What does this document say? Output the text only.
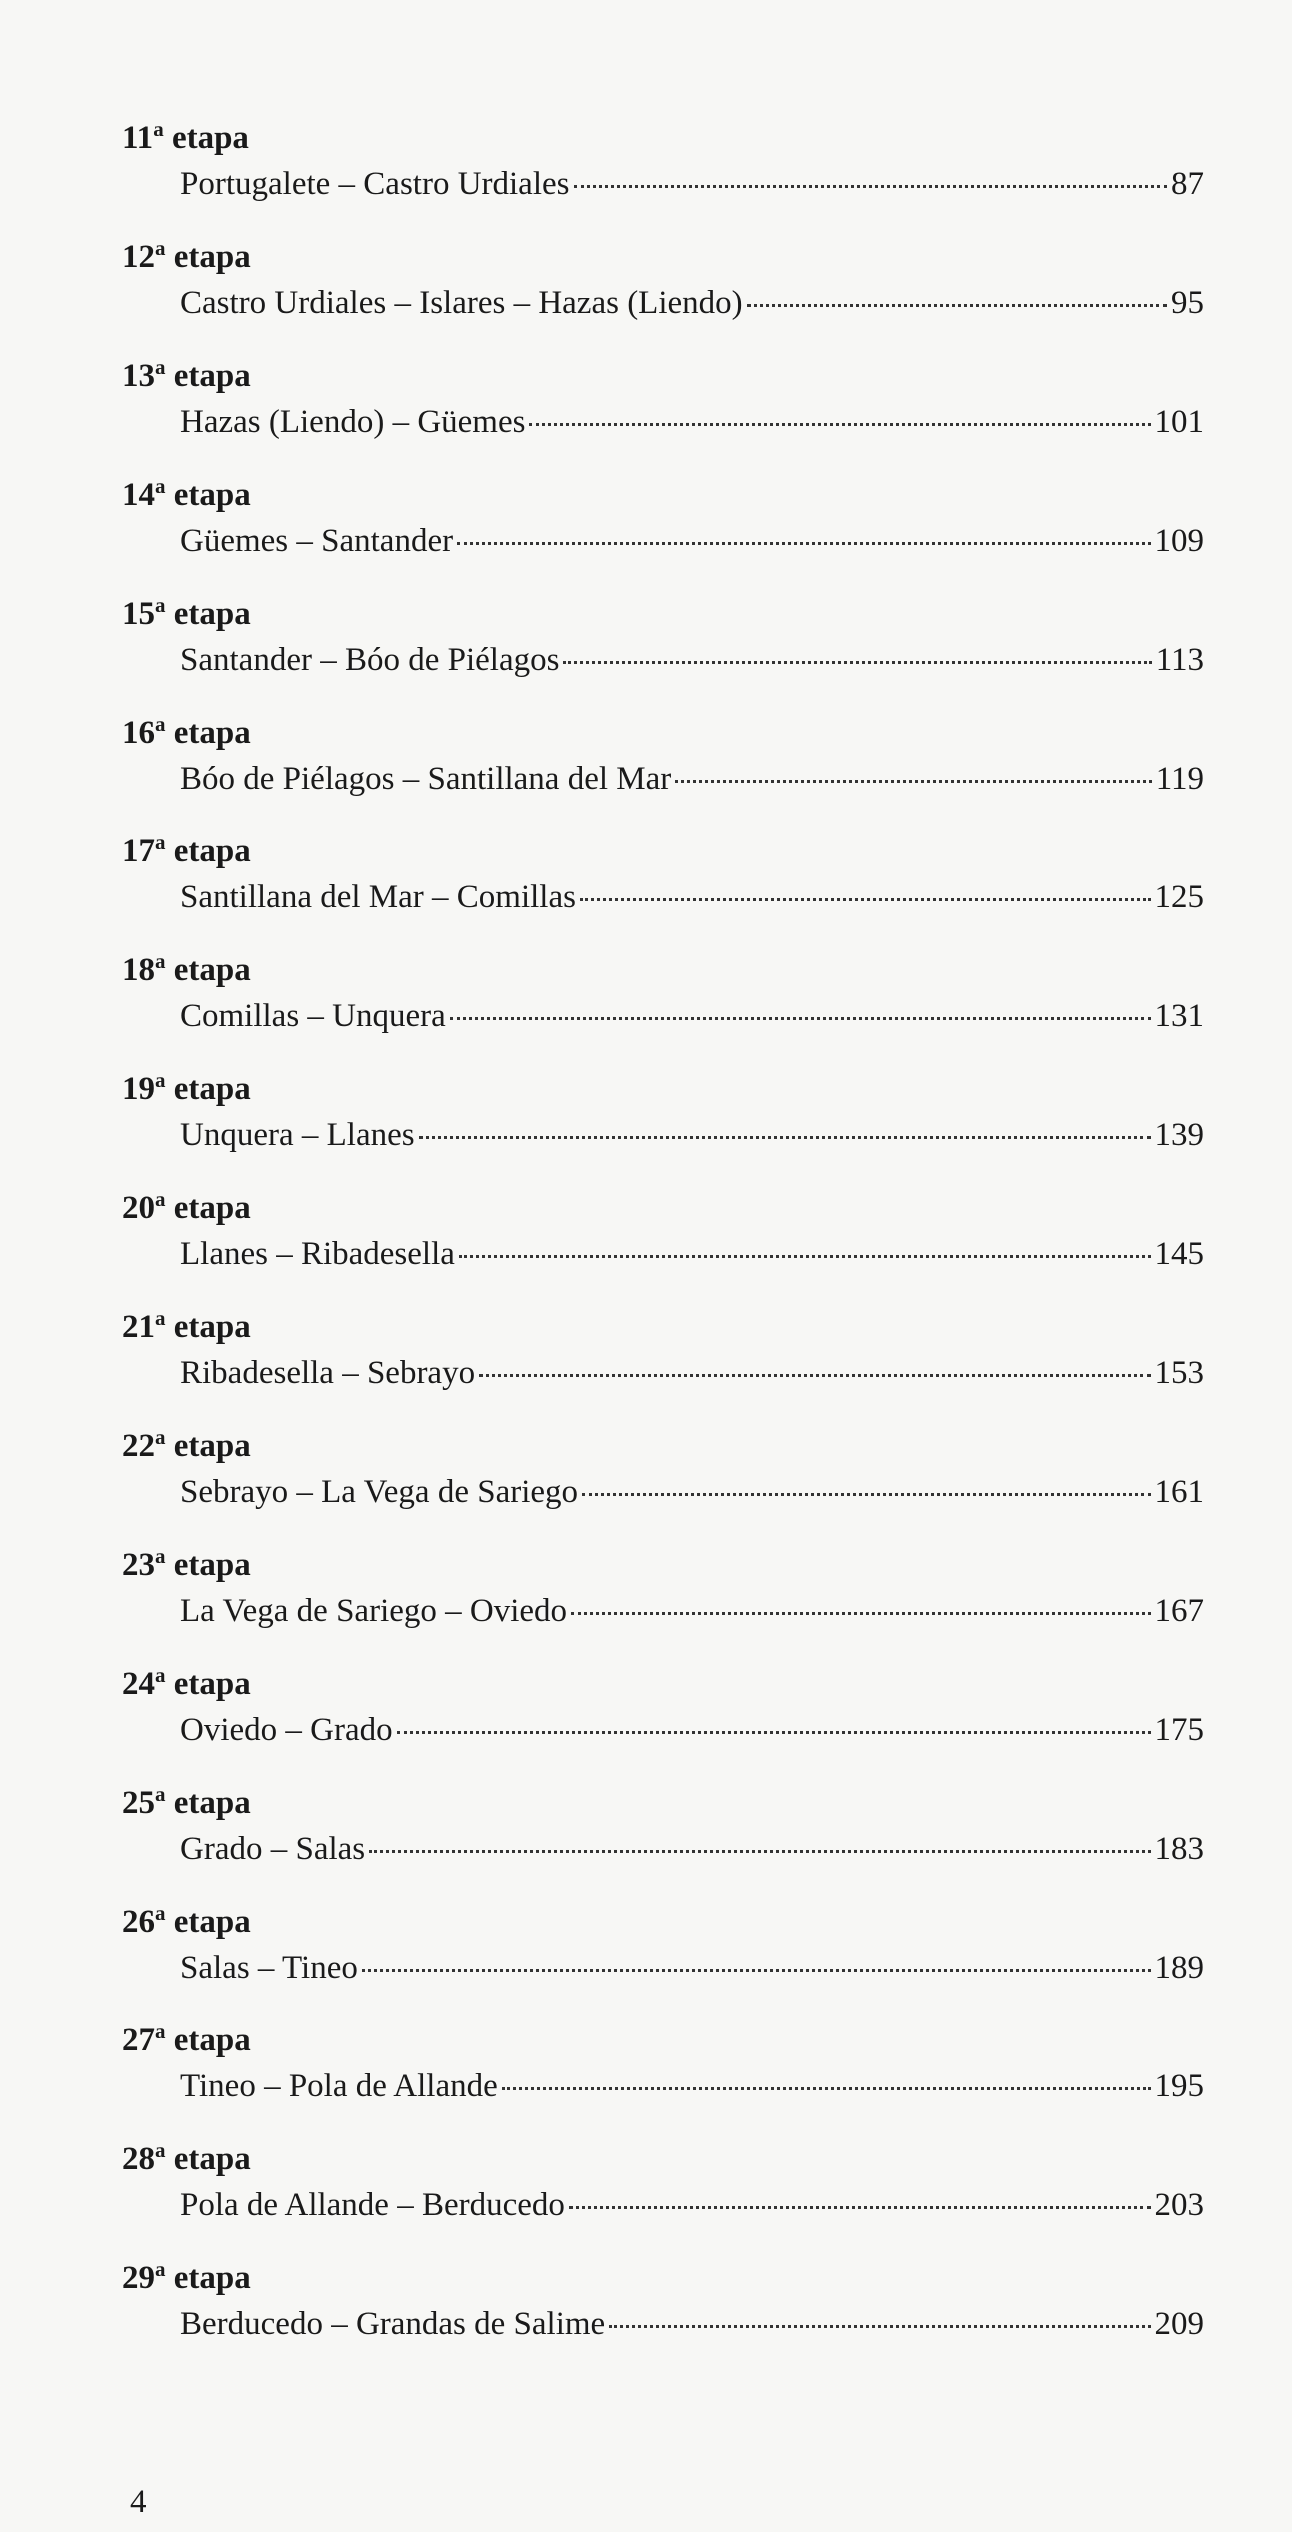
11$^a$ etapa
Portugalete – Castro Urdiales	87
12$^a$ etapa
Castro Urdiales – Islares – Hazas (Liendo)	95
13$^a$ etapa
Hazas (Liendo) – Güemes	101
14$^a$ etapa
Güemes – Santander	109
15$^a$ etapa
Santander – Bóo de Piélagos	113
16$^a$ etapa
Bóo de Piélagos – Santillana del Mar	119
17$^a$ etapa
Santillana del Mar – Comillas	125
18$^a$ etapa
Comillas – Unquera	131
19$^a$ etapa
Unquera – Llanes	139
20$^a$ etapa
Llanes – Ribadesella	145
21$^a$ etapa
Ribadesella – Sebrayo	153
22$^a$ etapa
Sebrayo – La Vega de Sariego	161
23$^a$ etapa
La Vega de Sariego – Oviedo	167
24$^a$ etapa
Oviedo – Grado	175
25$^a$ etapa
Grado – Salas	183
26$^a$ etapa
Salas – Tineo	189
27$^a$ etapa
Tineo – Pola de Allande	195
28$^a$ etapa
Pola de Allande – Berducedo	203
29$^a$ etapa
Berducedo – Grandas de Salime	209
4
